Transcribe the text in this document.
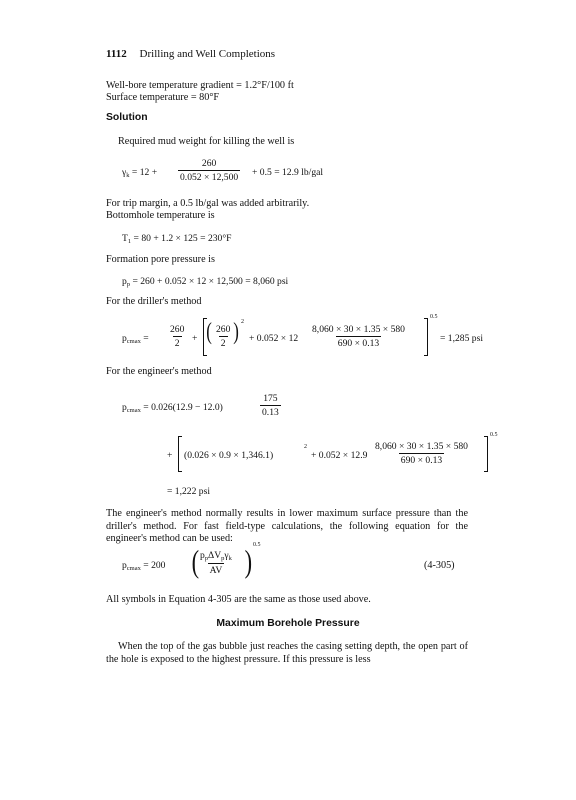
1112 Drilling and Well Completions
Well-bore temperature gradient = 1.2°F/100 ft
Surface temperature = 80°F
Solution
Required mud weight for killing the well is
$\gamma_k = 12 + \frac{260}{0.052 \times 12,500} + 0.5 = 12.9$ lb/gal
For trip margin, a 0.5 lb/gal was added arbitrarily.
Bottomhole temperature is
$T_1 = 80 + 1.2 \times 125 = 230^\circ F$
Formation pore pressure is
$p_p = 260 + 0.052 \times 12 \times 12,500 = 8,060$ psi
For the driller's method
$p_{cmax} = \frac{260}{2}$ + ( $\frac{260}{2}$ ) 2
+ $0.052 \times 12 \frac{8,060 \times 30 \times 1.35 \times 580}{690 \times 0.13}$
0.5
= 1,285 psi
For the engineer's method
$p_{cmax} = 0.026(12.9 - 12.0)$	$\frac{175}{0.13}$
+ (0.026 × 0.9 × 1,346.1)
2
+ $0.052 \times 12.9 \frac{8,060 \times 30 \times 1.35 \times 580}{690 \times 0.13}$
0.5
= 1,222 psi

The engineer's method normally results in lower maximum surface pressure than the driller's method. For fast field-type calculations, the following equation for the engineer's method can be used:

$p_{cmax} = 200$ ( $p_p\Delta V_p\gamma_k$
AV ) 0.5
(4-305)
All symbols in Equation 4-305 are the same as those used above.
Maximum Borehole Pressure

When the top of the gas bubble just reaches the casing setting depth, the open part of the hole is exposed to the highest pressure. If this pressure is less
